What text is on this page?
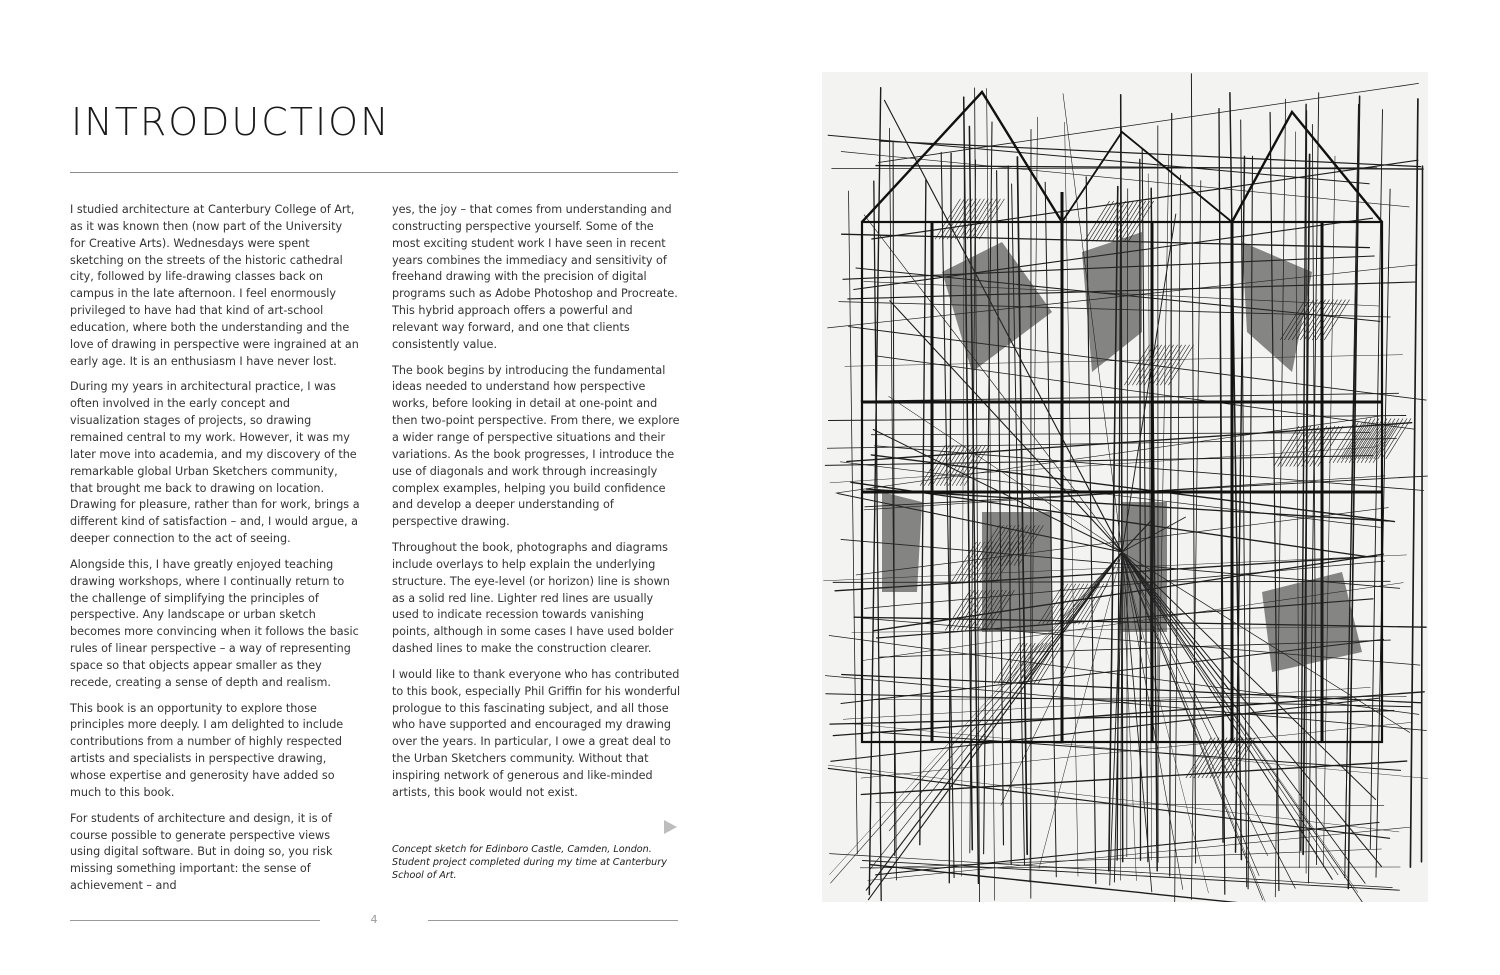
INTRODUCTION

I studied architecture at Canterbury College of Art, as it was known then (now part of the University for Creative Arts). Wednesdays were spent sketching on the streets of the historic cathedral city, followed by life-drawing classes back on campus in the late afternoon. I feel enormously privileged to have had that kind of art-school education, where both the understanding and the love of drawing in perspective were ingrained at an early age. It is an enthusiasm I have never lost.

During my years in architectural practice, I was often involved in the early concept and visualization stages of projects, so drawing remained central to my work. However, it was my later move into academia, and my discovery of the remarkable global Urban Sketchers community, that brought me back to drawing on location. Drawing for pleasure, rather than for work, brings a different kind of satisfaction – and, I would argue, a deeper connection to the act of seeing.

Alongside this, I have greatly enjoyed teaching drawing workshops, where I continually return to the challenge of simplifying the principles of perspective. Any landscape or urban sketch becomes more convincing when it follows the basic rules of linear perspective – a way of representing space so that objects appear smaller as they recede, creating a sense of depth and realism.

This book is an opportunity to explore those principles more deeply. I am delighted to include contributions from a number of highly respected artists and specialists in perspective drawing, whose expertise and generosity have added so much to this book.

For students of architecture and design, it is of course possible to generate perspective views using digital software. But in doing so, you risk missing something important: the sense of achievement – and

yes, the joy – that comes from understanding and constructing perspective yourself. Some of the most exciting student work I have seen in recent years combines the immediacy and sensitivity of freehand drawing with the precision of digital programs such as Adobe Photoshop and Procreate. This hybrid approach offers a powerful and relevant way forward, and one that clients consistently value.

The book begins by introducing the fundamental ideas needed to understand how perspective works, before looking in detail at one-point and then two-point perspective. From there, we explore a wider range of perspective situations and their variations. As the book progresses, I introduce the use of diagonals and work through increasingly complex examples, helping you build confidence and develop a deeper understanding of perspective drawing.

Throughout the book, photographs and diagrams include overlays to help explain the underlying structure. The eye-level (or horizon) line is shown as a solid red line. Lighter red lines are usually used to indicate recession towards vanishing points, although in some cases I have used bolder dashed lines to make the construction clearer.

I would like to thank everyone who has contributed to this book, especially Phil Griffin for his wonderful prologue to this fascinating subject, and all those who have supported and encouraged my drawing over the years. In particular, I owe a great deal to the Urban Sketchers community. Without that inspiring network of generous and like-minded artists, this book would not exist.

Concept sketch for Edinboro Castle, Camden, London. Student project completed during my time at Canterbury School of Art.
4
